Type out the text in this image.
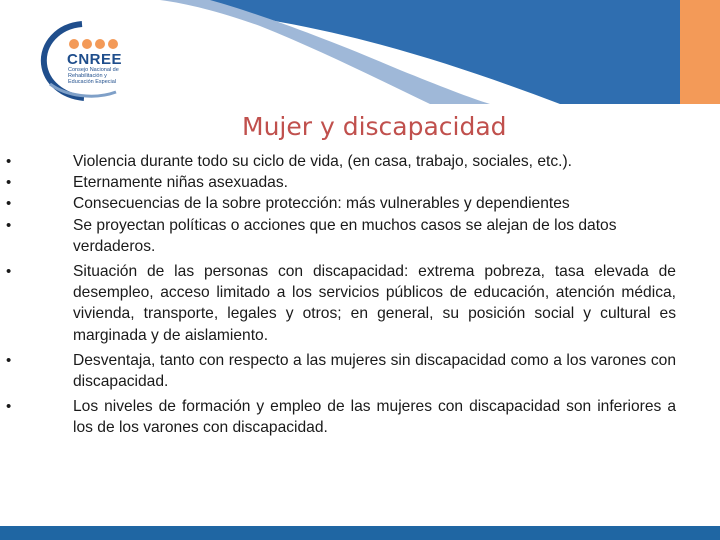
CNREE
Consejo Nacional de Rehabilitación y Educación Especial
Mujer y discapacidad
•	Violencia durante todo su ciclo de vida, (en casa, trabajo, sociales, etc.).
•	Eternamente niñas asexuadas.
•	Consecuencias de la sobre protección: más vulnerables y dependientes
•	Se proyectan políticas o acciones que en muchos casos se alejan de los datos verdaderos.
•	Situación de las personas con discapacidad: extrema pobreza, tasa elevada de desempleo, acceso limitado a los servicios públicos de educación, atención médica, vivienda, transporte, legales y otros; en general, su posición social y cultural es marginada y de aislamiento.
•	Desventaja, tanto con respecto a las mujeres sin discapacidad como a los varones con discapacidad.
•	Los niveles de formación y empleo de las mujeres con discapacidad son inferiores a los de los varones con discapacidad.
